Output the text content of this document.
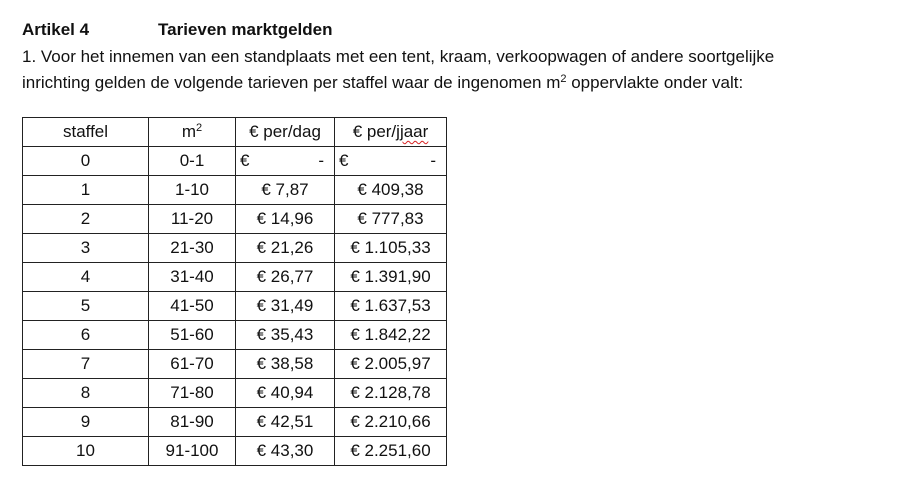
Artikel 4	Tarieven marktgelden
1. Voor het innemen van een standplaats met een tent, kraam, verkoopwagen of andere soortgelijke
inrichting gelden de volgende tarieven per staffel waar de ingenomen $m^2$ oppervlakte onder valt:
staffel	$m^2$	€ per/dag	€ per/jjaar
0	0-1	€ -	€ -

1	1-10	€ 7,87	€ 409,38
2	11-20	€ 14,96	€ 777,83
3	21-30	€ 21,26	€ 1.105,33
4	31-40	€ 26,77	€ 1.391,90
5	41-50	€ 31,49	€ 1.637,53
6	51-60	€ 35,43	€ 1.842,22
7	61-70	€ 38,58	€ 2.005,97
8	71-80	€ 40,94	€ 2.128,78
9	81-90	€ 42,51	€ 2.210,66
10	91-100	€ 43,30	€ 2.251,60
